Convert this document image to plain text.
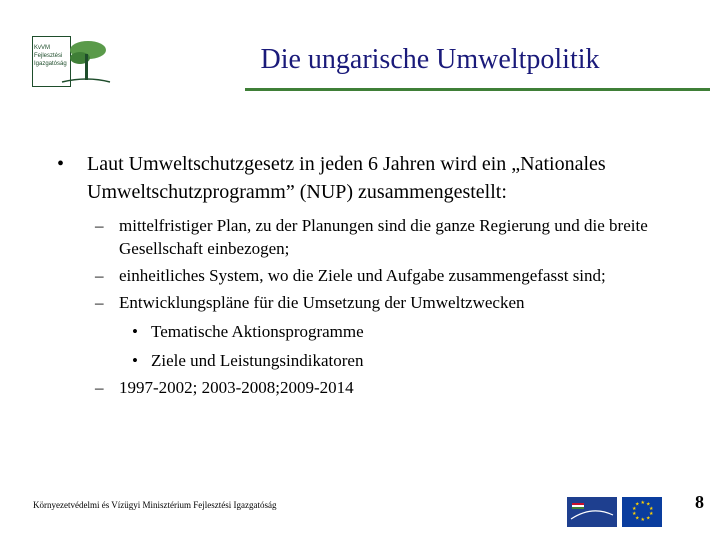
KvVM
Fejlesztési
Igazgatóság	Die ungarische Umweltpolitik
• Laut Umweltschutzgesetz in jeden 6 Jahren wird ein „Nationales Umweltschutzprogramm” (NUP) zusammengestellt:
– mittelfristiger Plan, zu der Planungen sind die ganze Regierung und die breite Gesellschaft einbezogen;
– einheitliches System, wo die Ziele und Aufgabe zusammengefasst sind;
– Entwicklungspläne für die Umsetzung der Umweltzwecken
• Tematische Aktionsprogramme
• Ziele und Leistungsindikatoren
– 1997-2002; 2003-2008;2009-2014
Környezetvédelmi és Vízügyi Minisztérium Fejlesztési Igazgatóság	★ ★
★
★
★
★
★
★
★
★	8
